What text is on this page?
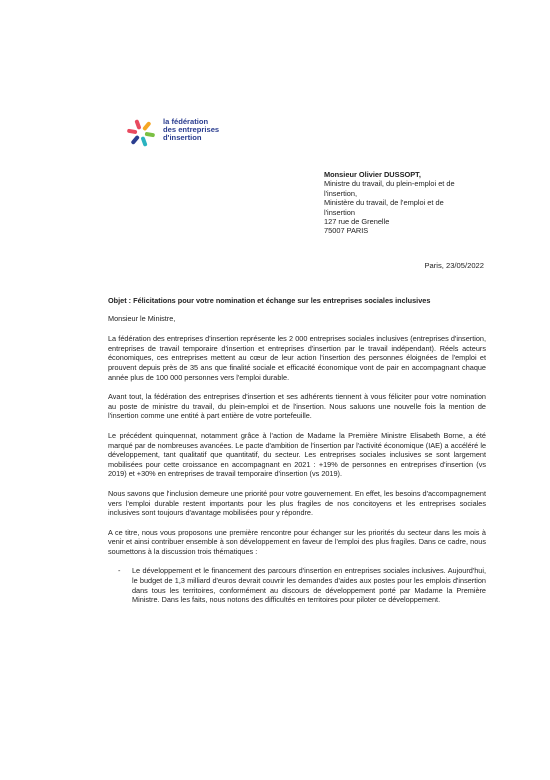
la fédération
des entreprises
d'insertion
Monsieur Olivier DUSSOPT,
Ministre du travail, du plein-emploi et de
l'insertion,
Ministère du travail, de l'emploi et de
l'insertion
127 rue de Grenelle
75007 PARIS
Paris, 23/05/2022

Objet : Félicitations pour votre nomination et échange sur les entreprises sociales inclusives

Monsieur le Ministre,

La fédération des entreprises d'insertion représente les 2 000 entreprises sociales inclusives (entreprises d'insertion, entreprises de travail temporaire d'insertion et entreprises d'insertion par le travail indépendant). Réels acteurs économiques, ces entreprises mettent au cœur de leur action l'insertion des personnes éloignées de l'emploi et prouvent depuis près de 35 ans que finalité sociale et efficacité économique vont de pair en accompagnant chaque année plus de 100 000 personnes vers l'emploi durable.

Avant tout, la fédération des entreprises d'insertion et ses adhérents tiennent à vous féliciter pour votre nomination au poste de ministre du travail, du plein-emploi et de l'insertion. Nous saluons une nouvelle fois la mention de l'insertion comme une entité à part entière de votre portefeuille.

Le précédent quinquennat, notamment grâce à l'action de Madame la Première Ministre Elisabeth Borne, a été marqué par de nombreuses avancées. Le pacte d'ambition de l'insertion par l'activité économique (IAE) a accéléré le développement, tant qualitatif que quantitatif, du secteur. Les entreprises sociales inclusives se sont largement mobilisées pour cette croissance en accompagnant en 2021 : +19% de personnes en entreprises d'insertion (vs 2019) et +30% en entreprises de travail temporaire d'insertion (vs 2019).

Nous savons que l'inclusion demeure une priorité pour votre gouvernement. En effet, les besoins d'accompagnement vers l'emploi durable restent importants pour les plus fragiles de nos concitoyens et les entreprises sociales inclusives sont toujours d'avantage mobilisées pour y répondre.

A ce titre, nous vous proposons une première rencontre pour échanger sur les priorités du secteur dans les mois à venir et ainsi contribuer ensemble à son développement en faveur de l'emploi des plus fragiles. Dans ce cadre, nous soumettons à la discussion trois thématiques :

- Le développement et le financement des parcours d'insertion en entreprises sociales inclusives. Aujourd'hui, le budget de 1,3 milliard d'euros devrait couvrir les demandes d'aides aux postes pour les emplois d'insertion dans tous les territoires, conformément au discours de développement porté par Madame la Première Ministre. Dans les faits, nous notons des difficultés en territoires pour piloter ce développement.
